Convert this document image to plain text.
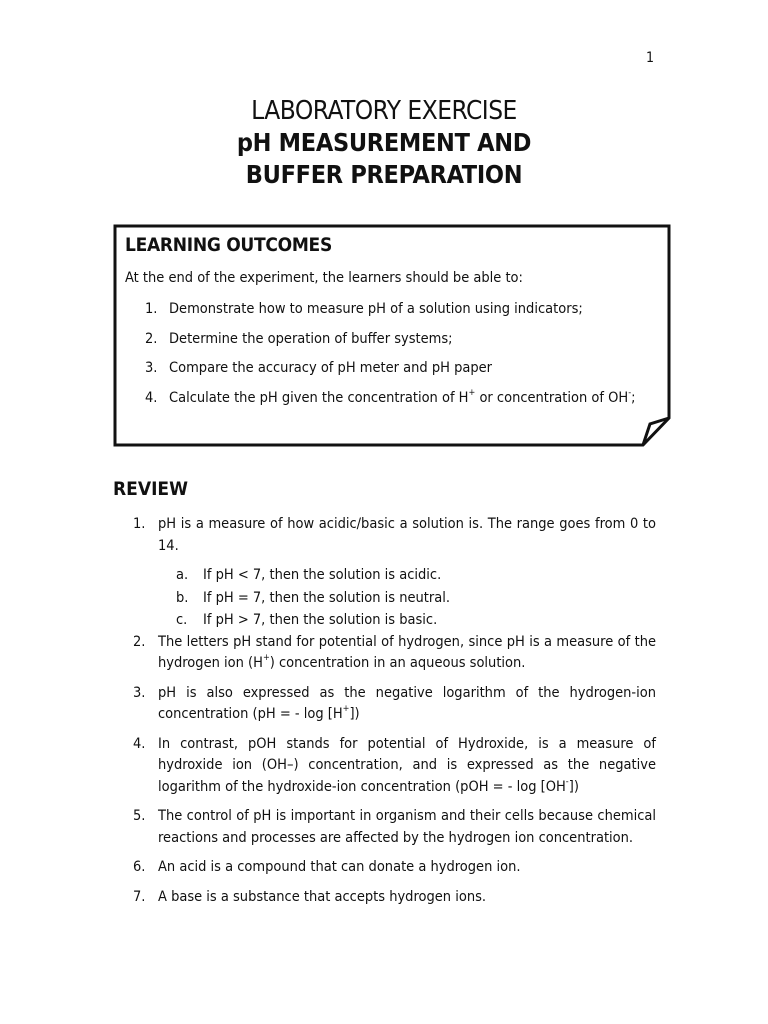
1
LABORATORY EXERCISE
pH MEASUREMENT AND
BUFFER PREPARATION
LEARNING OUTCOMES
At the end of the experiment, the learners should be able to:
1. Demonstrate how to measure pH of a solution using indicators;
2. Determine the operation of buffer systems;
3. Compare the accuracy of pH meter and pH paper
4. Calculate the pH given the concentration of H+ or concentration of OH-;
REVIEW
1. pH is a measure of how acidic/basic a solution is. The range goes from 0 to 14.
a.	If pH < 7, then the solution is acidic.
b.	If pH = 7, then the solution is neutral.
c.	If pH > 7, then the solution is basic.
2. The letters pH stand for potential of hydrogen, since pH is a measure of the hydrogen ion (H+) concentration in an aqueous solution.
3. pH is also expressed as the negative logarithm of the hydrogen-ion concentration (pH = - log [H+])
4. In contrast, pOH stands for potential of Hydroxide, is a measure of hydroxide ion (OH–) concentration, and is expressed as the negative logarithm of the hydroxide-ion concentration (pOH = - log [OH-])
5. The control of pH is important in organism and their cells because chemical reactions and processes are affected by the hydrogen ion concentration.
6. An acid is a compound that can donate a hydrogen ion.
7. A base is a substance that accepts hydrogen ions.
